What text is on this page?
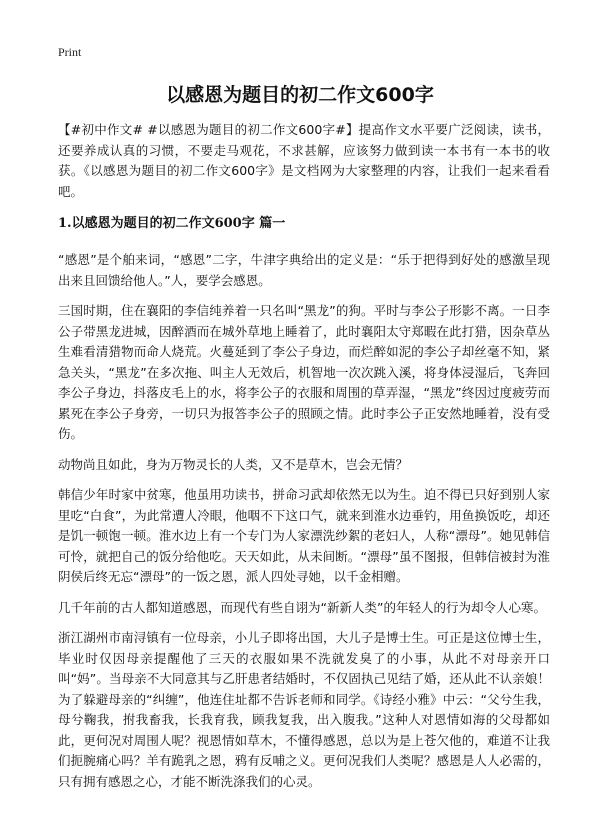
Print
以感恩为题目的初二作文600字

【#初中作文# #以感恩为题目的初二作文600字#】提高作文水平要广泛阅读，读书，还要养成认真的习惯，不要走马观花，不求甚解，应该努力做到读一本书有一本书的收获。《以感恩为题目的初二作文600字》是文档网为大家整理的内容，让我们一起来看看吧。

1.以感恩为题目的初二作文600字 篇一

“感恩”是个舶来词，“感恩”二字，牛津字典给出的定义是：“乐于把得到好处的感激呈现出来且回馈给他人。”人，要学会感恩。

三国时期，住在襄阳的李信纯养着一只名叫“黑龙”的狗。平时与李公子形影不离。一日李公子带黑龙进城，因醉酒而在城外草地上睡着了，此时襄阳太守郑暇在此打猎，因杂草丛生难看清猎物而命人烧荒。火蔓延到了李公子身边，而烂醉如泥的李公子却丝毫不知，紧急关头，“黑龙”在多次拖、叫主人无效后，机智地一次次跳入溪，将身体浸湿后，飞奔回李公子身边，抖落皮毛上的水，将李公子的衣服和周围的草弄湿，“黑龙”终因过度疲劳而累死在李公子身旁，一切只为报答李公子的照顾之情。此时李公子正安然地睡着，没有受伤。

动物尚且如此，身为万物灵长的人类，又不是草木，岂会无情？

韩信少年时家中贫寒，他虽用功读书，拼命习武却依然无以为生。迫不得已只好到别人家里吃“白食”，为此常遭人冷眼，他咽不下这口气，就来到淮水边垂钓，用鱼换饭吃，却还是饥一顿饱一顿。淮水边上有一个专门为人家漂洗纱絮的老妇人，人称“漂母”。她见韩信可怜，就把自己的饭分给他吃。天天如此，从未间断。“漂母”虽不图报，但韩信被封为淮阴侯后终无忘“漂母”的一饭之恩，派人四处寻她，以千金相赠。

几千年前的古人都知道感恩，而现代有些自诩为“新新人类”的年轻人的行为却令人心寒。

浙江湖州市南浔镇有一位母亲，小儿子即将出国，大儿子是博士生。可正是这位博士生，毕业时仅因母亲提醒他了三天的衣服如果不洗就发臭了的小事，从此不对母亲开口叫“妈”。当母亲不大同意其与乙肝患者结婚时，不仅固执己见结了婚，还从此不认亲娘！为了躲避母亲的“纠缠”，他连住址都不告诉老师和同学。《诗经小雅》中云：“父兮生我，母兮鞠我，拊我畜我，长我育我，顾我复我，出入腹我。”这种人对恩情如海的父母都如此，更何况对周围人呢？视恩情如草木，不懂得感恩，总以为是上苍欠他的，难道不让我们扼腕痛心吗？羊有跪乳之恩，鸦有反哺之义。更何况我们人类呢？感恩是人人必需的，只有拥有感恩之心，才能不断洗涤我们的心灵。
